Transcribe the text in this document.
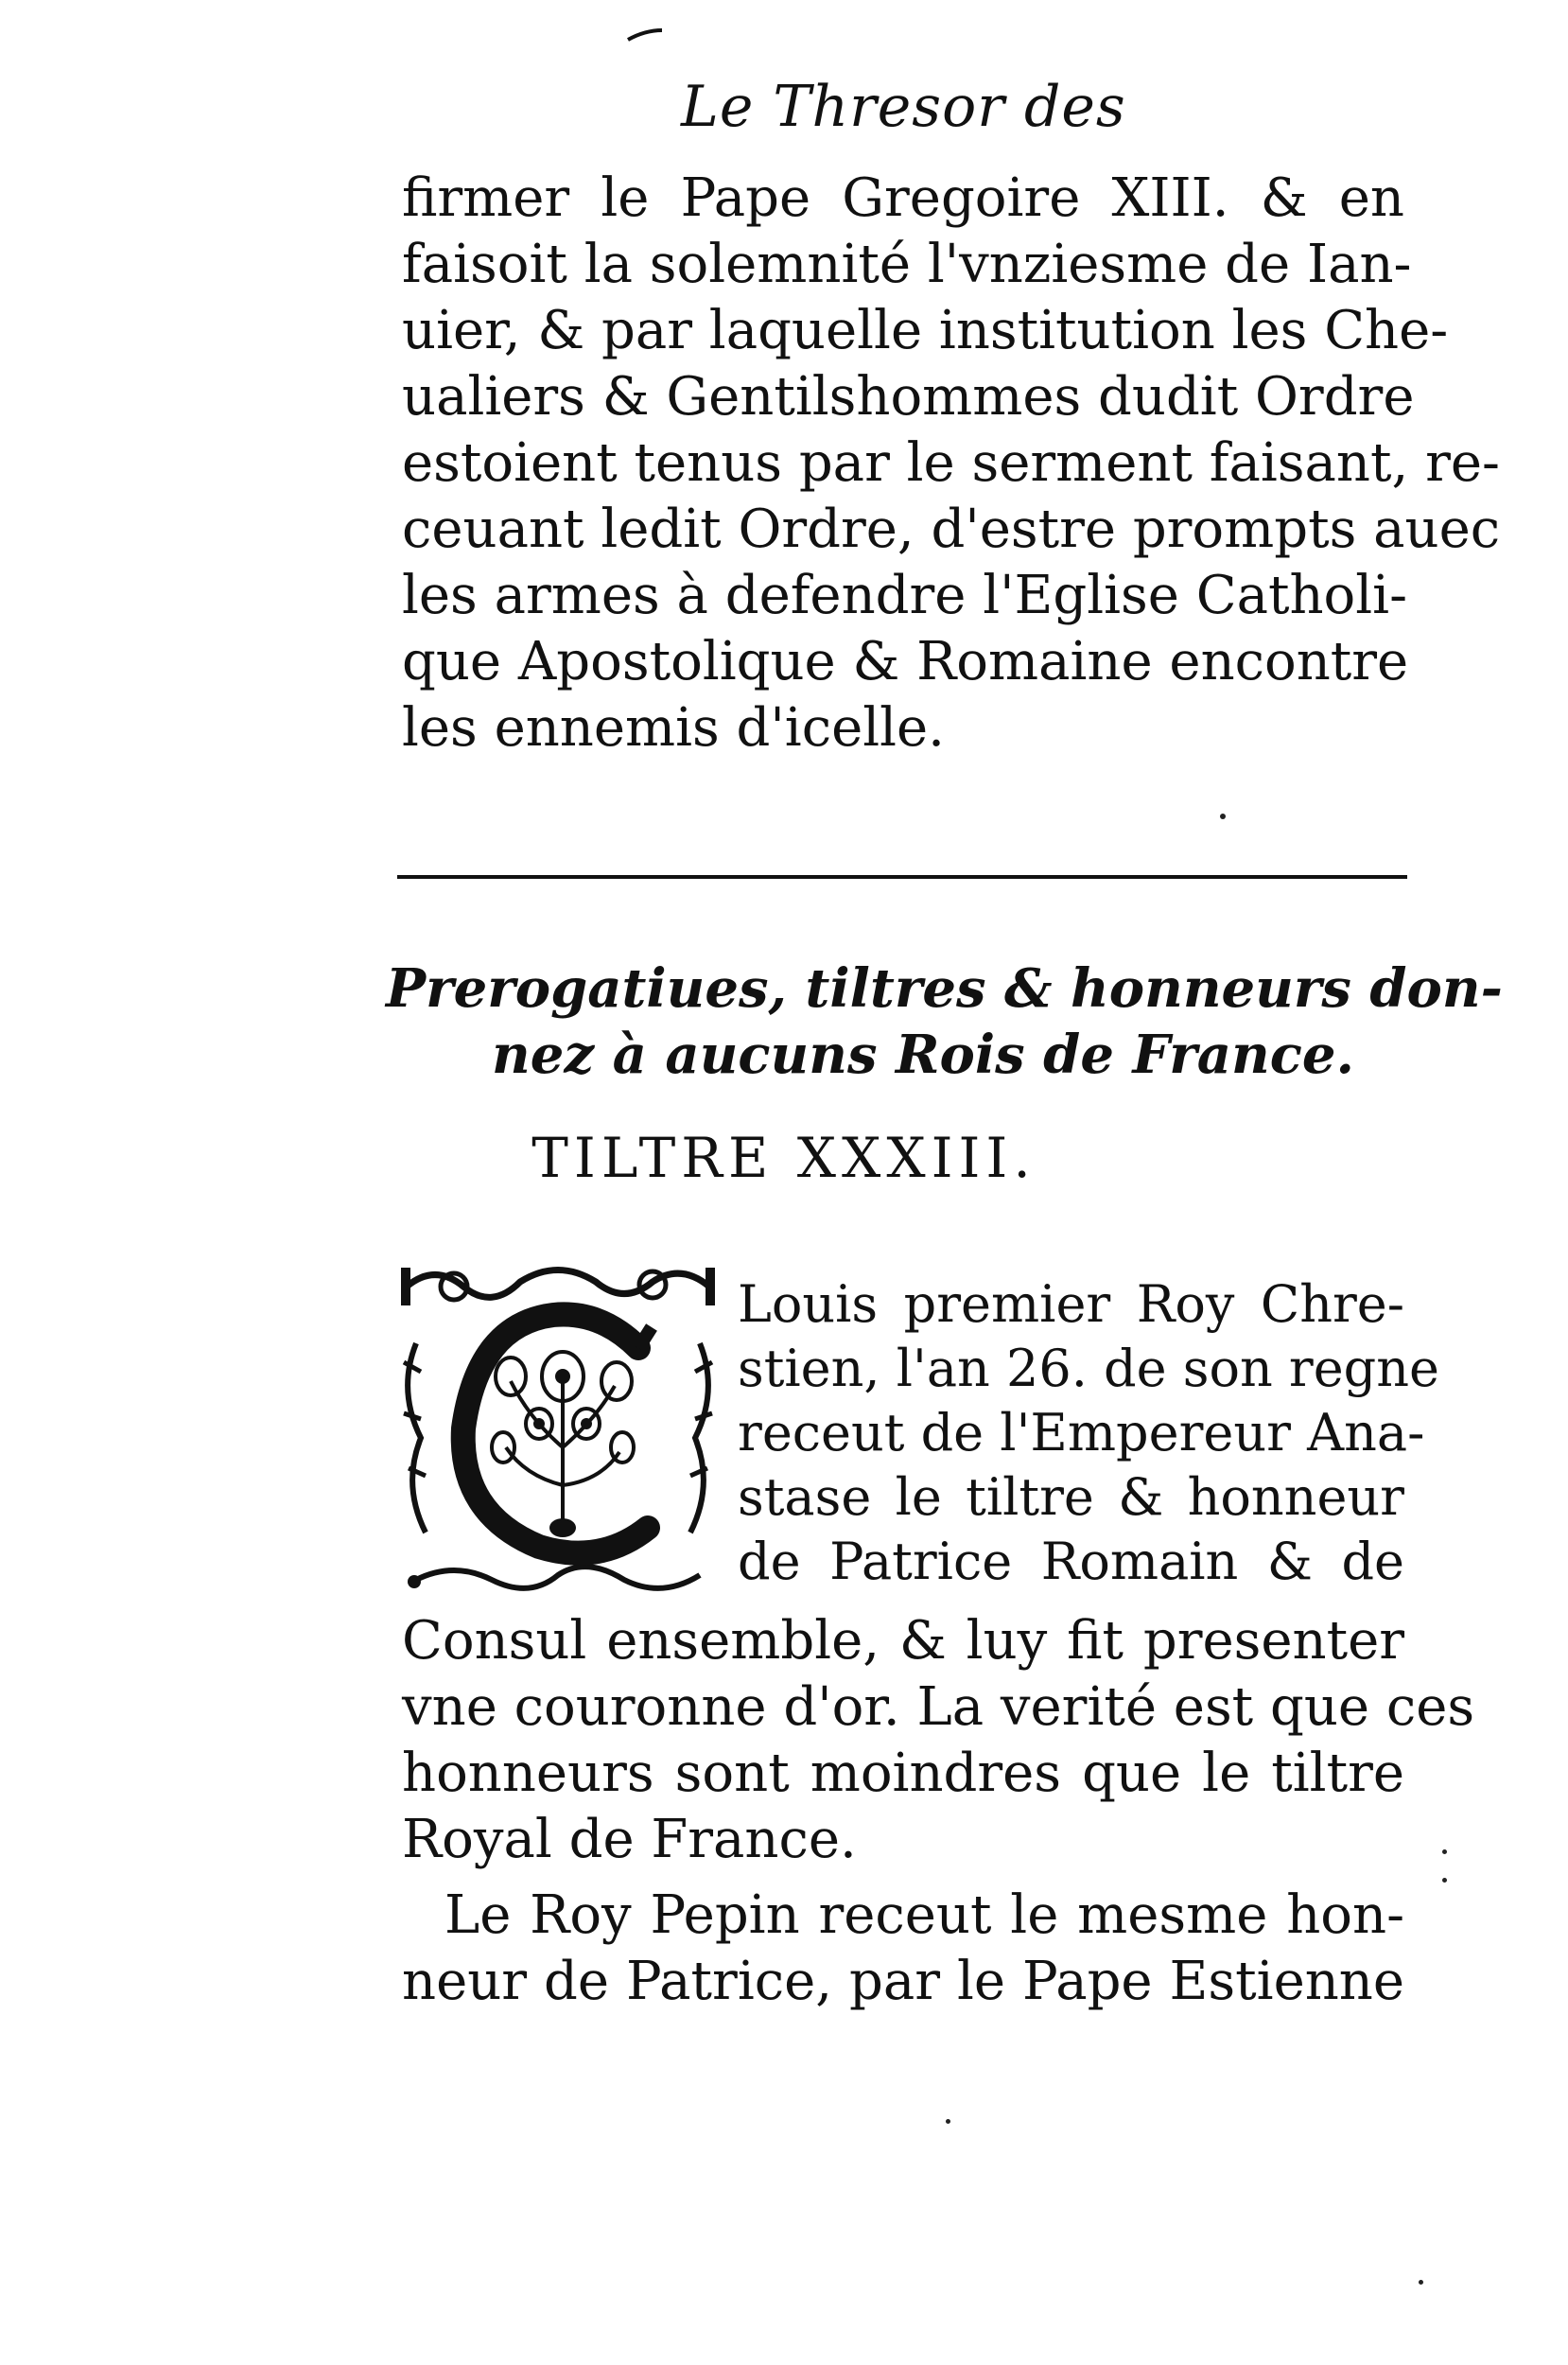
Le Thresor des
firmer le Pape Gregoire XIII. & en
faisoit la solemnité l'vnziesme de Ian-
uier, & par laquelle institution les Che-
ualiers & Gentilshommes dudit Ordre
estoient tenus par le serment faisant, re-
ceuant ledit Ordre, d'estre prompts auec
les armes à defendre l'Eglise Catholi-
que Apostolique & Romaine encontre
les ennemis d'icelle.
Prerogatiues, tiltres & honneurs don-
nez à aucuns Rois de France.
TILTRE XXXIII.
Louis premier Roy Chre-
stien, l'an 26. de son regne
receut de l'Empereur Ana-
stase le tiltre & honneur
de Patrice Romain & de
Consul ensemble, & luy fit presenter
vne couronne d'or. La verité est que ces
honneurs sont moindres que le tiltre
Royal de France.
Le Roy Pepin receut le mesme hon-
neur de Patrice, par le Pape Estienne
